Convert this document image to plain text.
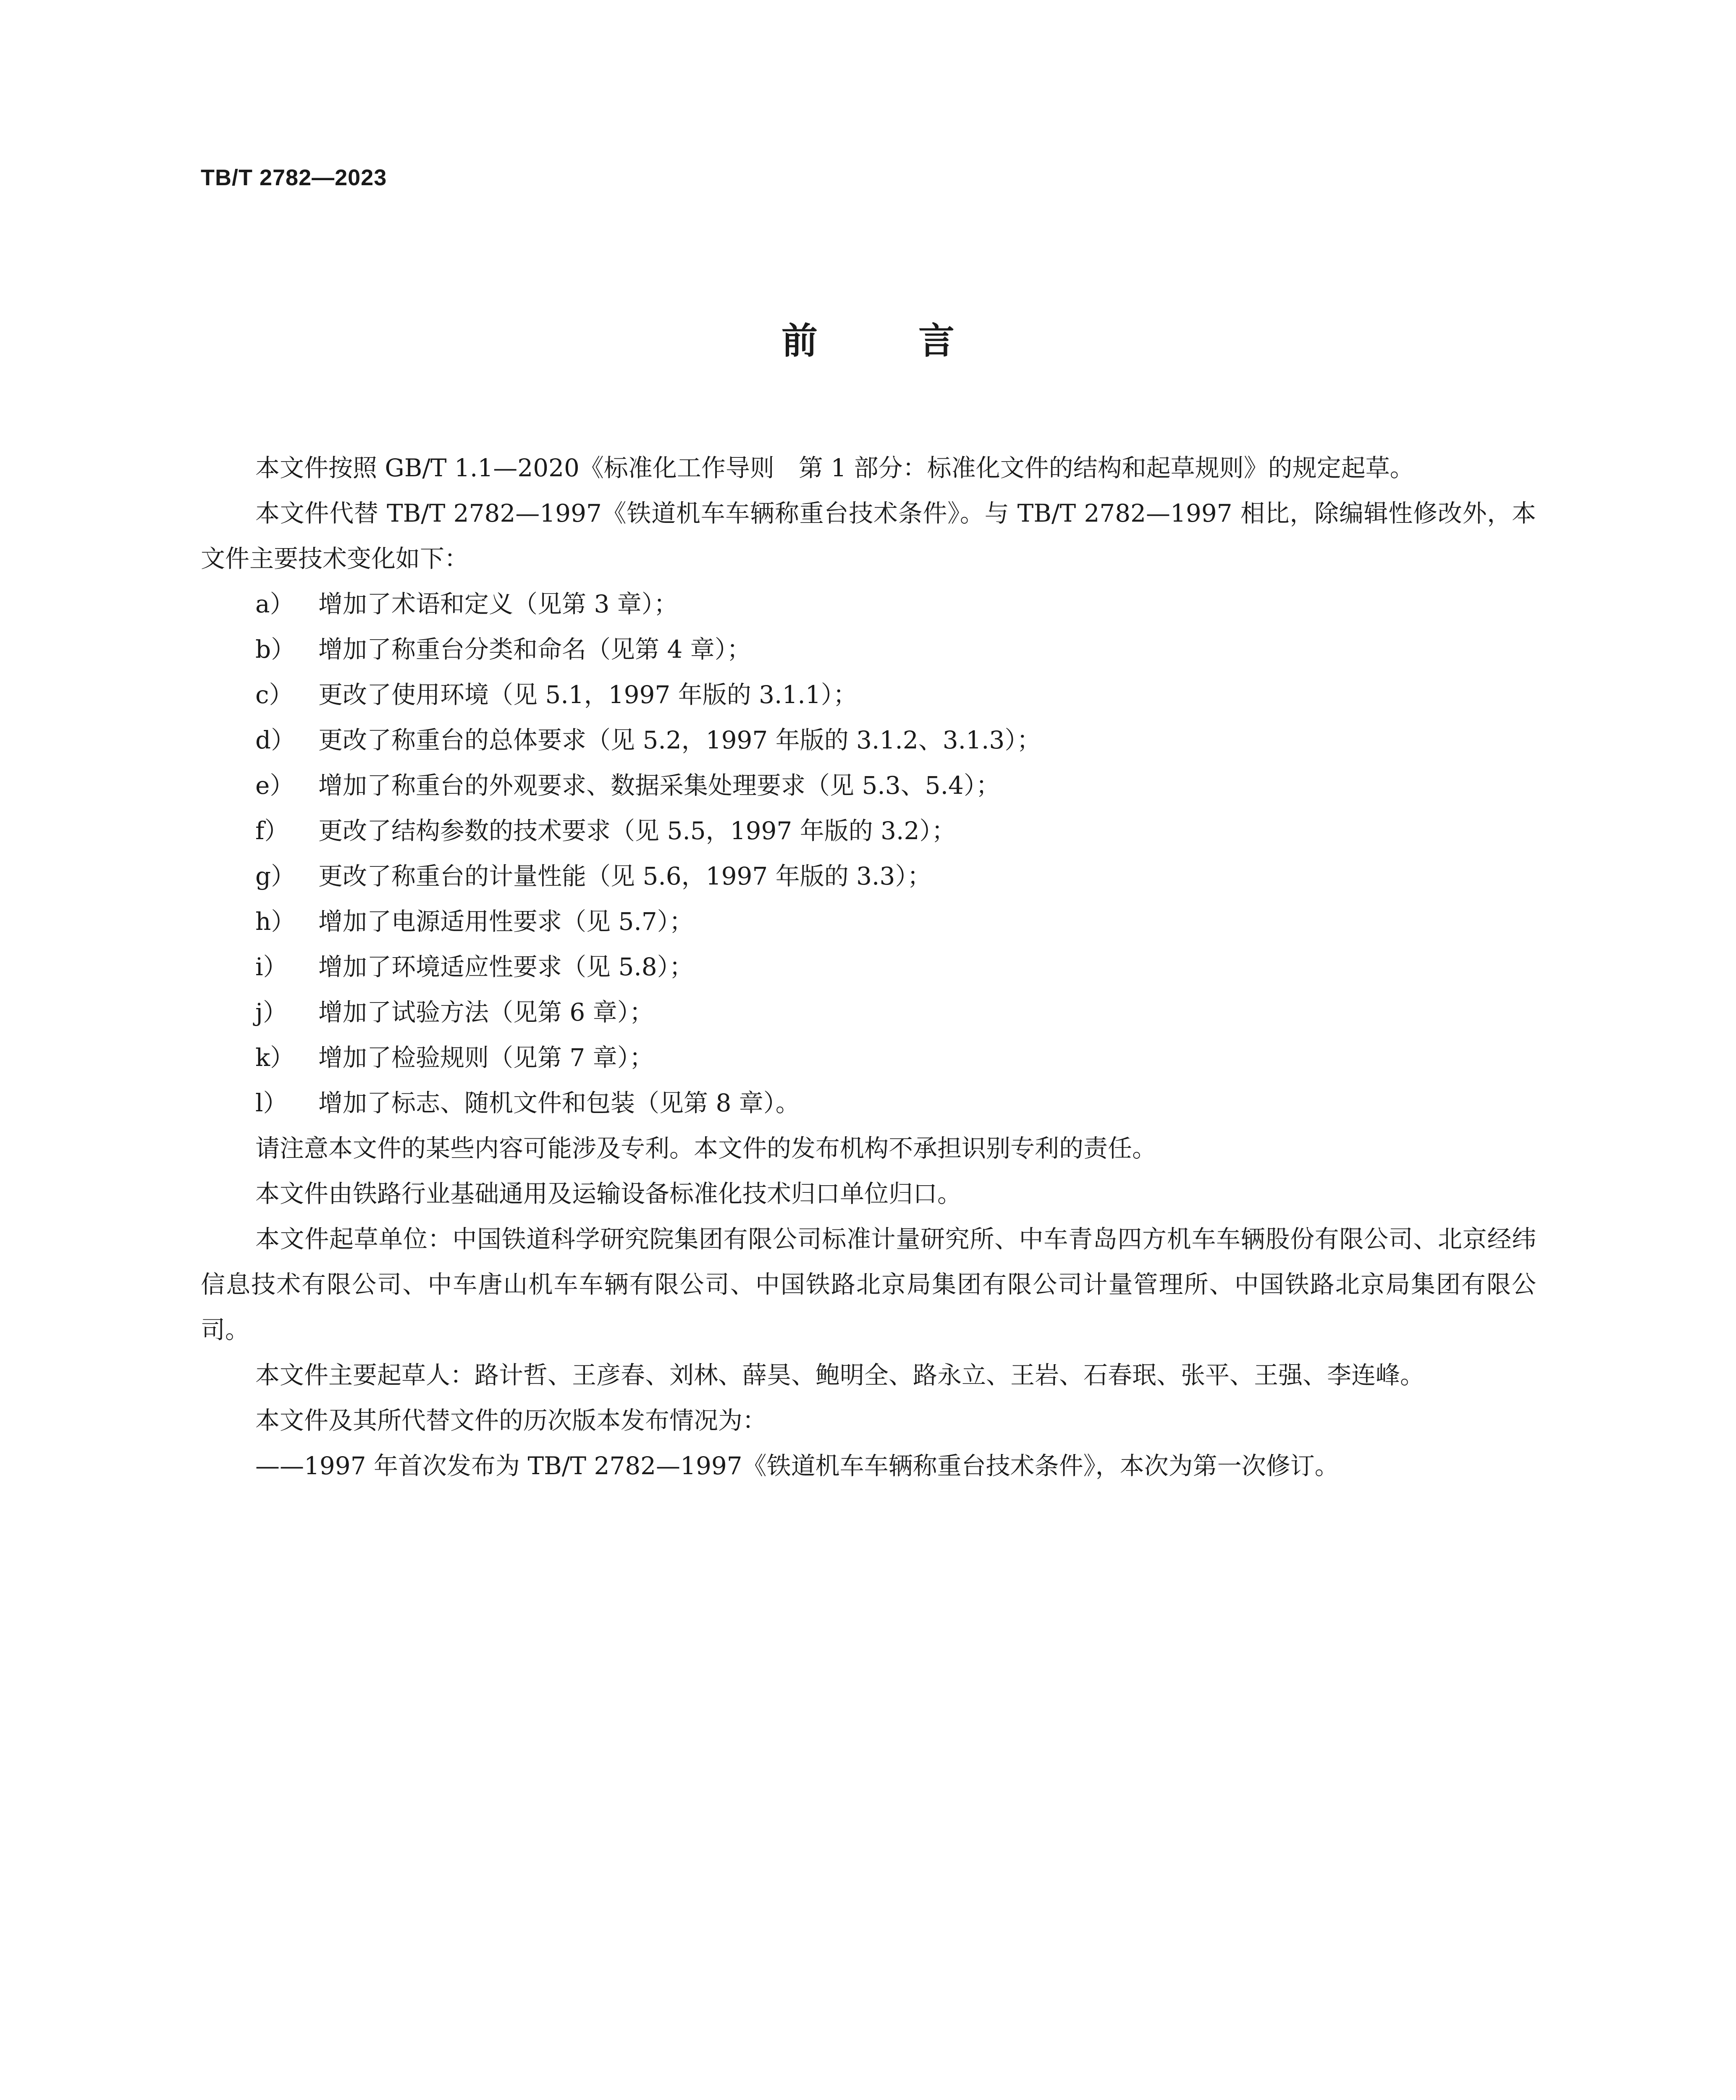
TB/T 2782—2023
前	言

本文件按照 GB/T 1.1—2020《标准化工作导则　第 1 部分：标准化文件的结构和起草规则》的规定起草。

本文件代替 TB/T 2782—1997《铁道机车车辆称重台技术条件》。与 TB/T 2782—1997 相比，除编辑性修改外，本文件主要技术变化如下：

a） 增加了术语和定义（见第 3 章）；
b） 增加了称重台分类和命名（见第 4 章）；
c）	更改了使用环境（见 5.1，1997 年版的 3.1.1）；
d） 更改了称重台的总体要求（见 5.2，1997 年版的 3.1.2、3.1.3）；
e） 增加了称重台的外观要求、数据采集处理要求（见 5.3、5.4）；
f）	更改了结构参数的技术要求（见 5.5，1997 年版的 3.2）；
g） 更改了称重台的计量性能（见 5.6，1997 年版的 3.3）；
h） 增加了电源适用性要求（见 5.7）；
i）	增加了环境适应性要求（见 5.8）；
j）	增加了试验方法（见第 6 章）；
k） 增加了检验规则（见第 7 章）；
l）	增加了标志、随机文件和包装（见第 8 章）。

请注意本文件的某些内容可能涉及专利。本文件的发布机构不承担识别专利的责任。

本文件由铁路行业基础通用及运输设备标准化技术归口单位归口。

本文件起草单位：中国铁道科学研究院集团有限公司标准计量研究所、中车青岛四方机车车辆股份有限公司、北京经纬信息技术有限公司、中车唐山机车车辆有限公司、中国铁路北京局集团有限公司计量管理所、中国铁路北京局集团有限公司。

本文件主要起草人：路计哲、王彦春、刘林、薛昊、鲍明全、路永立、王岩、石春珉、张平、王强、李连峰。

本文件及其所代替文件的历次版本发布情况为：

——1997 年首次发布为 TB/T 2782—1997《铁道机车车辆称重台技术条件》，本次为第一次修订。
